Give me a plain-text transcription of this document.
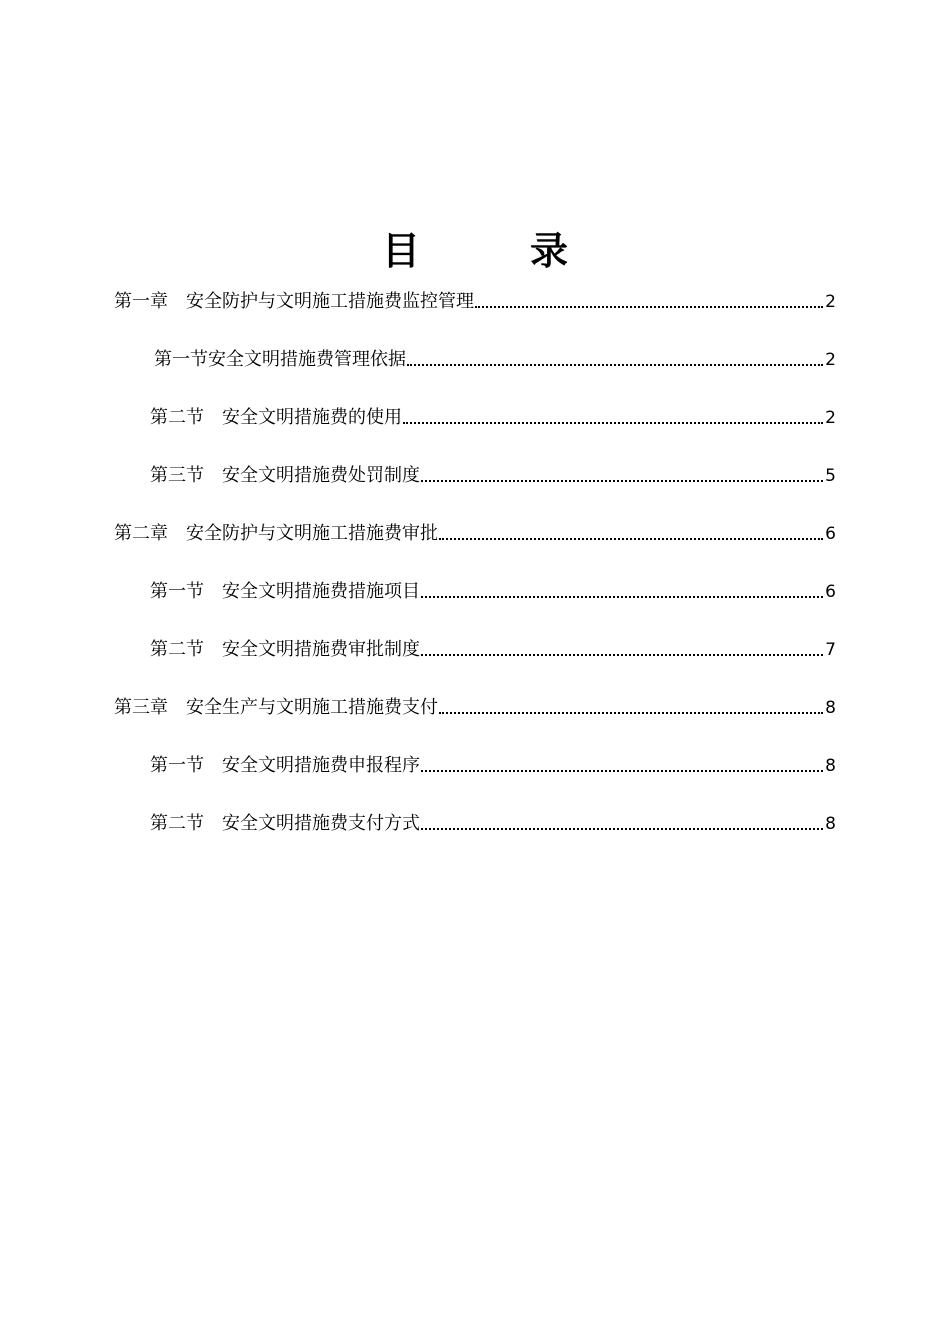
目　录
第一章　安全防护与文明施工措施费监控管理	2
第一节安全文明措施费管理依据	2
第二节　安全文明措施费的使用	2
第三节　安全文明措施费处罚制度	5
第二章　安全防护与文明施工措施费审批	6
第一节　安全文明措施费措施项目	6
第二节　安全文明措施费审批制度	7
第三章　安全生产与文明施工措施费支付	8
第一节　安全文明措施费申报程序	8
第二节　安全文明措施费支付方式	8
